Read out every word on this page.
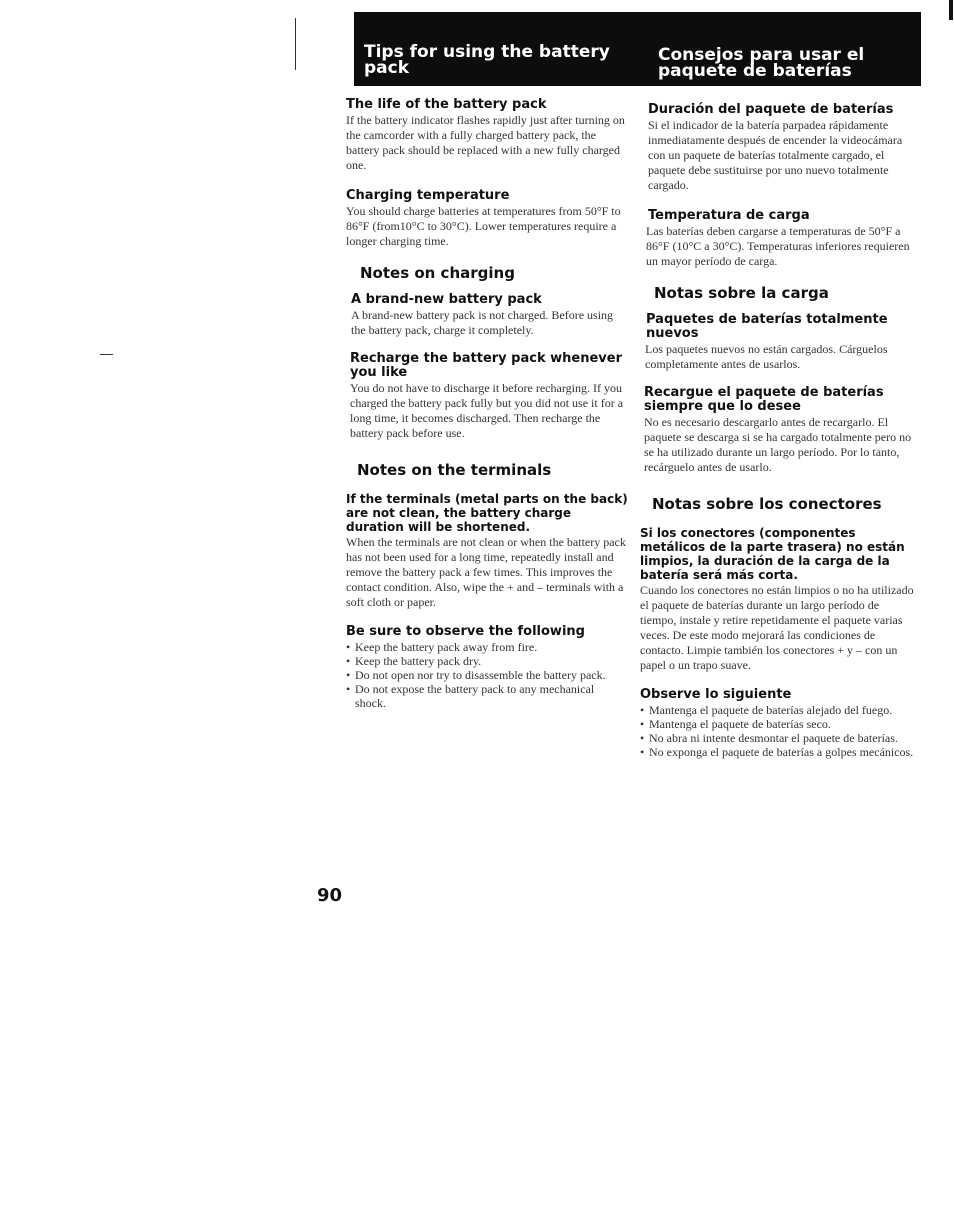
Tips for using the battery pack
Consejos para usar el paquete de baterías
The life of the battery pack

If the battery indicator flashes rapidly just after turning on the camcorder with a fully charged battery pack, the battery pack should be replaced with a new fully charged one.

Charging temperature

You should charge batteries at temperatures from 50°F to 86°F (from10°C to 30°C). Lower temperatures require a longer charging time.

Notes on charging
A brand-new battery pack

A brand-new battery pack is not charged. Before using the battery pack, charge it completely.

Recharge the battery pack whenever you like

You do not have to discharge it before recharging. If you charged the battery pack fully but you did not use it for a long time, it becomes discharged. Then recharge the battery pack before use.

Notes on the terminals
If the terminals (metal parts on the back) are not clean, the battery charge duration will be shortened.

When the terminals are not clean or when the battery pack has not been used for a long time, repeatedly install and remove the battery pack a few times. This improves the contact condition. Also, wipe the + and – terminals with a soft cloth or paper.

Be sure to observe the following
• Keep the battery pack away from fire.
• Keep the battery pack dry.
• Do not open nor try to disassemble the battery pack.
• Do not expose the battery pack to any mechanical shock.
Duración del paquete de baterías

Si el indicador de la batería parpadea rápidamente inmediatamente después de encender la videocámara con un paquete de baterías totalmente cargado, el paquete debe sustituirse por uno nuevo totalmente cargado.

Temperatura de carga

Las baterías deben cargarse a temperaturas de 50°F a 86°F (10°C a 30°C). Temperaturas inferiores requieren un mayor período de carga.

Notas sobre la carga
Paquetes de baterías totalmente nuevos

Los paquetes nuevos no están cargados. Cárguelos completamente antes de usarlos.

Recargue el paquete de baterías siempre que lo desee

No es necesario descargarlo antes de recargarlo. El paquete se descarga si se ha cargado totalmente pero no se ha utilizado durante un largo período. Por lo tanto, recárguelo antes de usarlo.

Notas sobre los conectores
Si los conectores (componentes metálicos de la parte trasera) no están limpios, la duración de la carga de la batería será más corta.

Cuando los conectores no están limpios o no ha utilizado el paquete de baterías durante un largo período de tiempo, instale y retire repetidamente el paquete varias veces. De este modo mejorará las condiciones de contacto. Limpie también los conectores + y – con un papel o un trapo suave.

Observe lo siguiente
• Mantenga el paquete de baterías alejado del fuego.
• Mantenga el paquete de baterías seco.
• No abra ni intente desmontar el paquete de baterías.
• No exponga el paquete de baterías a golpes mecánicos.
90
